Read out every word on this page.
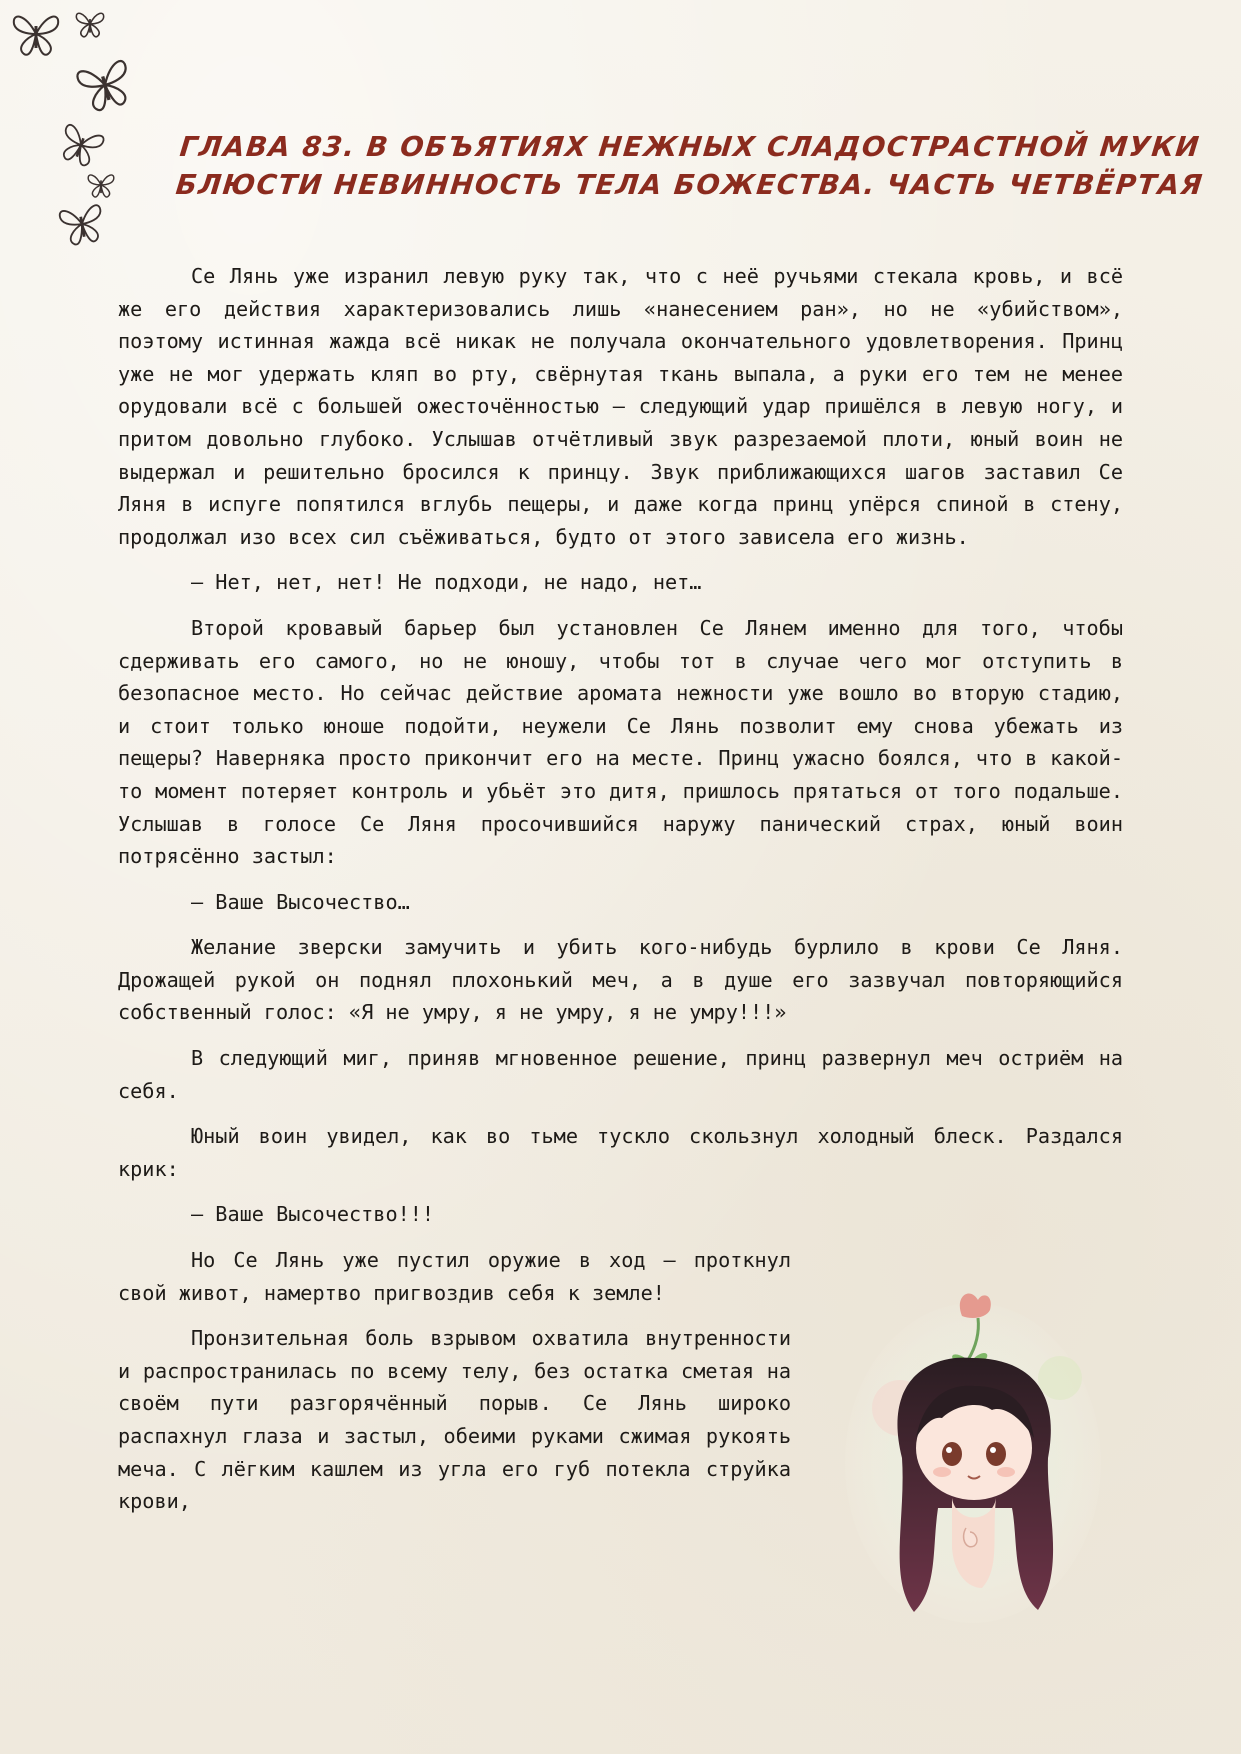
ГЛАВА 83. В ОБЪЯТИЯХ НЕЖНЫХ СЛАДОСТРАСТНОЙ МУКИ
БЛЮСТИ НЕВИННОСТЬ ТЕЛА БОЖЕСТВА. ЧАСТЬ ЧЕТВЁРТАЯ

Се Лянь уже изранил левую руку так, что с неё ручьями стекала кровь, и всё же его действия характеризовались лишь «нанесением ран», но не «убийством», поэтому истинная жажда всё никак не получала окончательного удовлетворения. Принц уже не мог удержать кляп во рту, свёрнутая ткань выпала, а руки его тем не менее орудовали всё с большей ожесточённостью — следующий удар пришёлся в левую ногу, и притом довольно глубоко. Услышав отчётливый звук разрезаемой плоти, юный воин не выдержал и решительно бросился к принцу. Звук приближающихся шагов заставил Се Ляня в испуге попятился вглубь пещеры, и даже когда принц упёрся спиной в стену, продолжал изо всех сил съёживаться, будто от этого зависела его жизнь.

— Нет, нет, нет! Не подходи, не надо, нет…

Второй кровавый барьер был установлен Се Лянем именно для того, чтобы сдерживать его самого, но не юношу, чтобы тот в случае чего мог отступить в безопасное место. Но сейчас действие аромата нежности уже вошло во вторую стадию, и стоит только юноше подойти, неужели Се Лянь позволит ему снова убежать из пещеры? Наверняка просто прикончит его на месте. Принц ужасно боялся, что в какой-то момент потеряет контроль и убьёт это дитя, пришлось прятаться от того подальше. Услышав в голосе Се Ляня просочившийся наружу панический страх, юный воин потрясённо застыл:

— Ваше Высочество…

Желание зверски замучить и убить кого-нибудь бурлило в крови Се Ляня. Дрожащей рукой он поднял плохонький меч, а в душе его зазвучал повторяющийся собственный голос: «Я не умру, я не умру, я не умру!!!»

В следующий миг, приняв мгновенное решение, принц развернул меч остриём на себя.

Юный воин увидел, как во тьме тускло скользнул холодный блеск. Раздался крик:

— Ваше Высочество!!!

Но Се Лянь уже пустил оружие в ход — проткнул свой живот, намертво пригвоздив себя к земле!

Пронзительная боль взрывом охватила внутренности и распространилась по всему телу, без остатка сметая на своём пути разгорячённый порыв. Се Лянь широко распахнул глаза и застыл, обеими руками сжимая рукоять меча. С лёгким кашлем из угла его губ потекла струйка крови,
